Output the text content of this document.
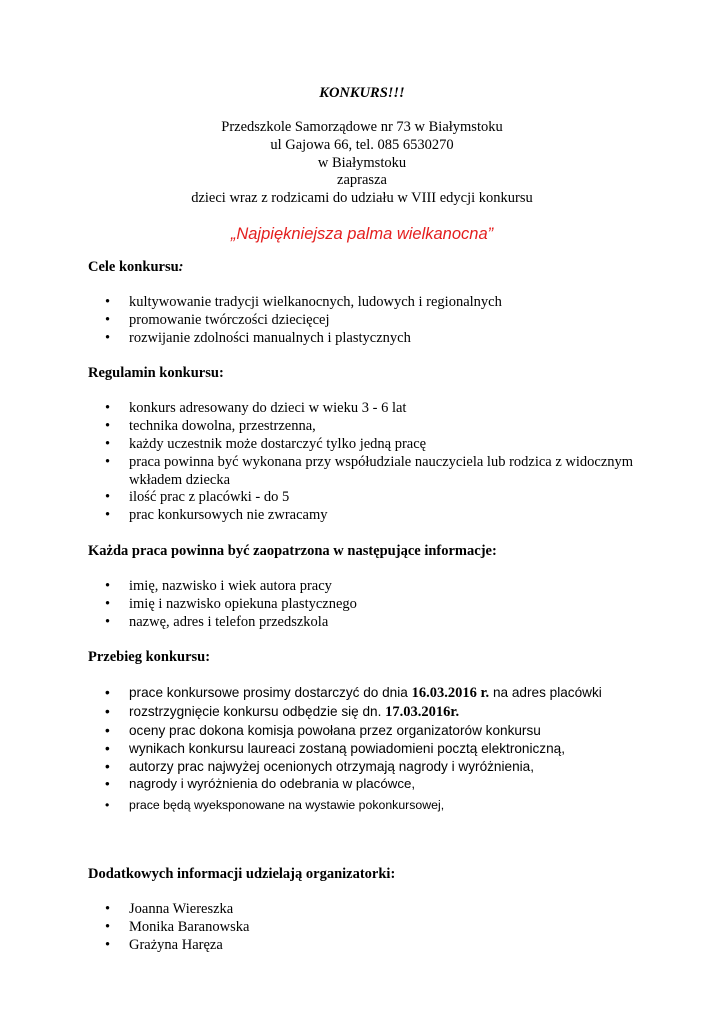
KONKURS!!!

Przedszkole Samorządowe nr 73 w Białymstoku

ul Gajowa 66, tel. 085 6530270

w Białymstoku

zaprasza

dzieci wraz z rodzicami do udziału w VIII edycji konkursu

„Najpiękniejsza palma wielkanocna”

Cele konkursu:

• kultywowanie tradycji wielkanocnych, ludowych i regionalnych
• promowanie twórczości dziecięcej
• rozwijanie zdolności manualnych i plastycznych

Regulamin konkursu:

• konkurs adresowany do dzieci w wieku 3 - 6 lat
• technika dowolna, przestrzenna,
• każdy uczestnik może dostarczyć tylko jedną pracę
• praca powinna być wykonana przy współudziale nauczyciela lub rodzica z widocznym
wkładem dziecka
• ilość prac z placówki - do 5
• prac konkursowych nie zwracamy

Każda praca powinna być zaopatrzona w następujące informacje:

• imię, nazwisko i wiek autora pracy
• imię i nazwisko opiekuna plastycznego
• nazwę, adres i telefon przedszkola

Przebieg konkursu:

• prace konkursowe prosimy dostarczyć do dnia 16.03.2016 r. na adres placówki
• rozstrzygnięcie konkursu odbędzie się dn. 17.03.2016r.
• oceny prac dokona komisja powołana przez organizatorów konkursu
• wynikach konkursu laureaci zostaną powiadomieni pocztą elektroniczną,
• autorzy prac najwyżej ocenionych otrzymają nagrody i wyróżnienia,
• nagrody i wyróżnienia do odebrania w placówce,
• prace będą wyeksponowane na wystawie pokonkursowej,

Dodatkowych informacji udzielają organizatorki:

• Joanna Wiereszka
• Monika Baranowska
• Grażyna Haręza
